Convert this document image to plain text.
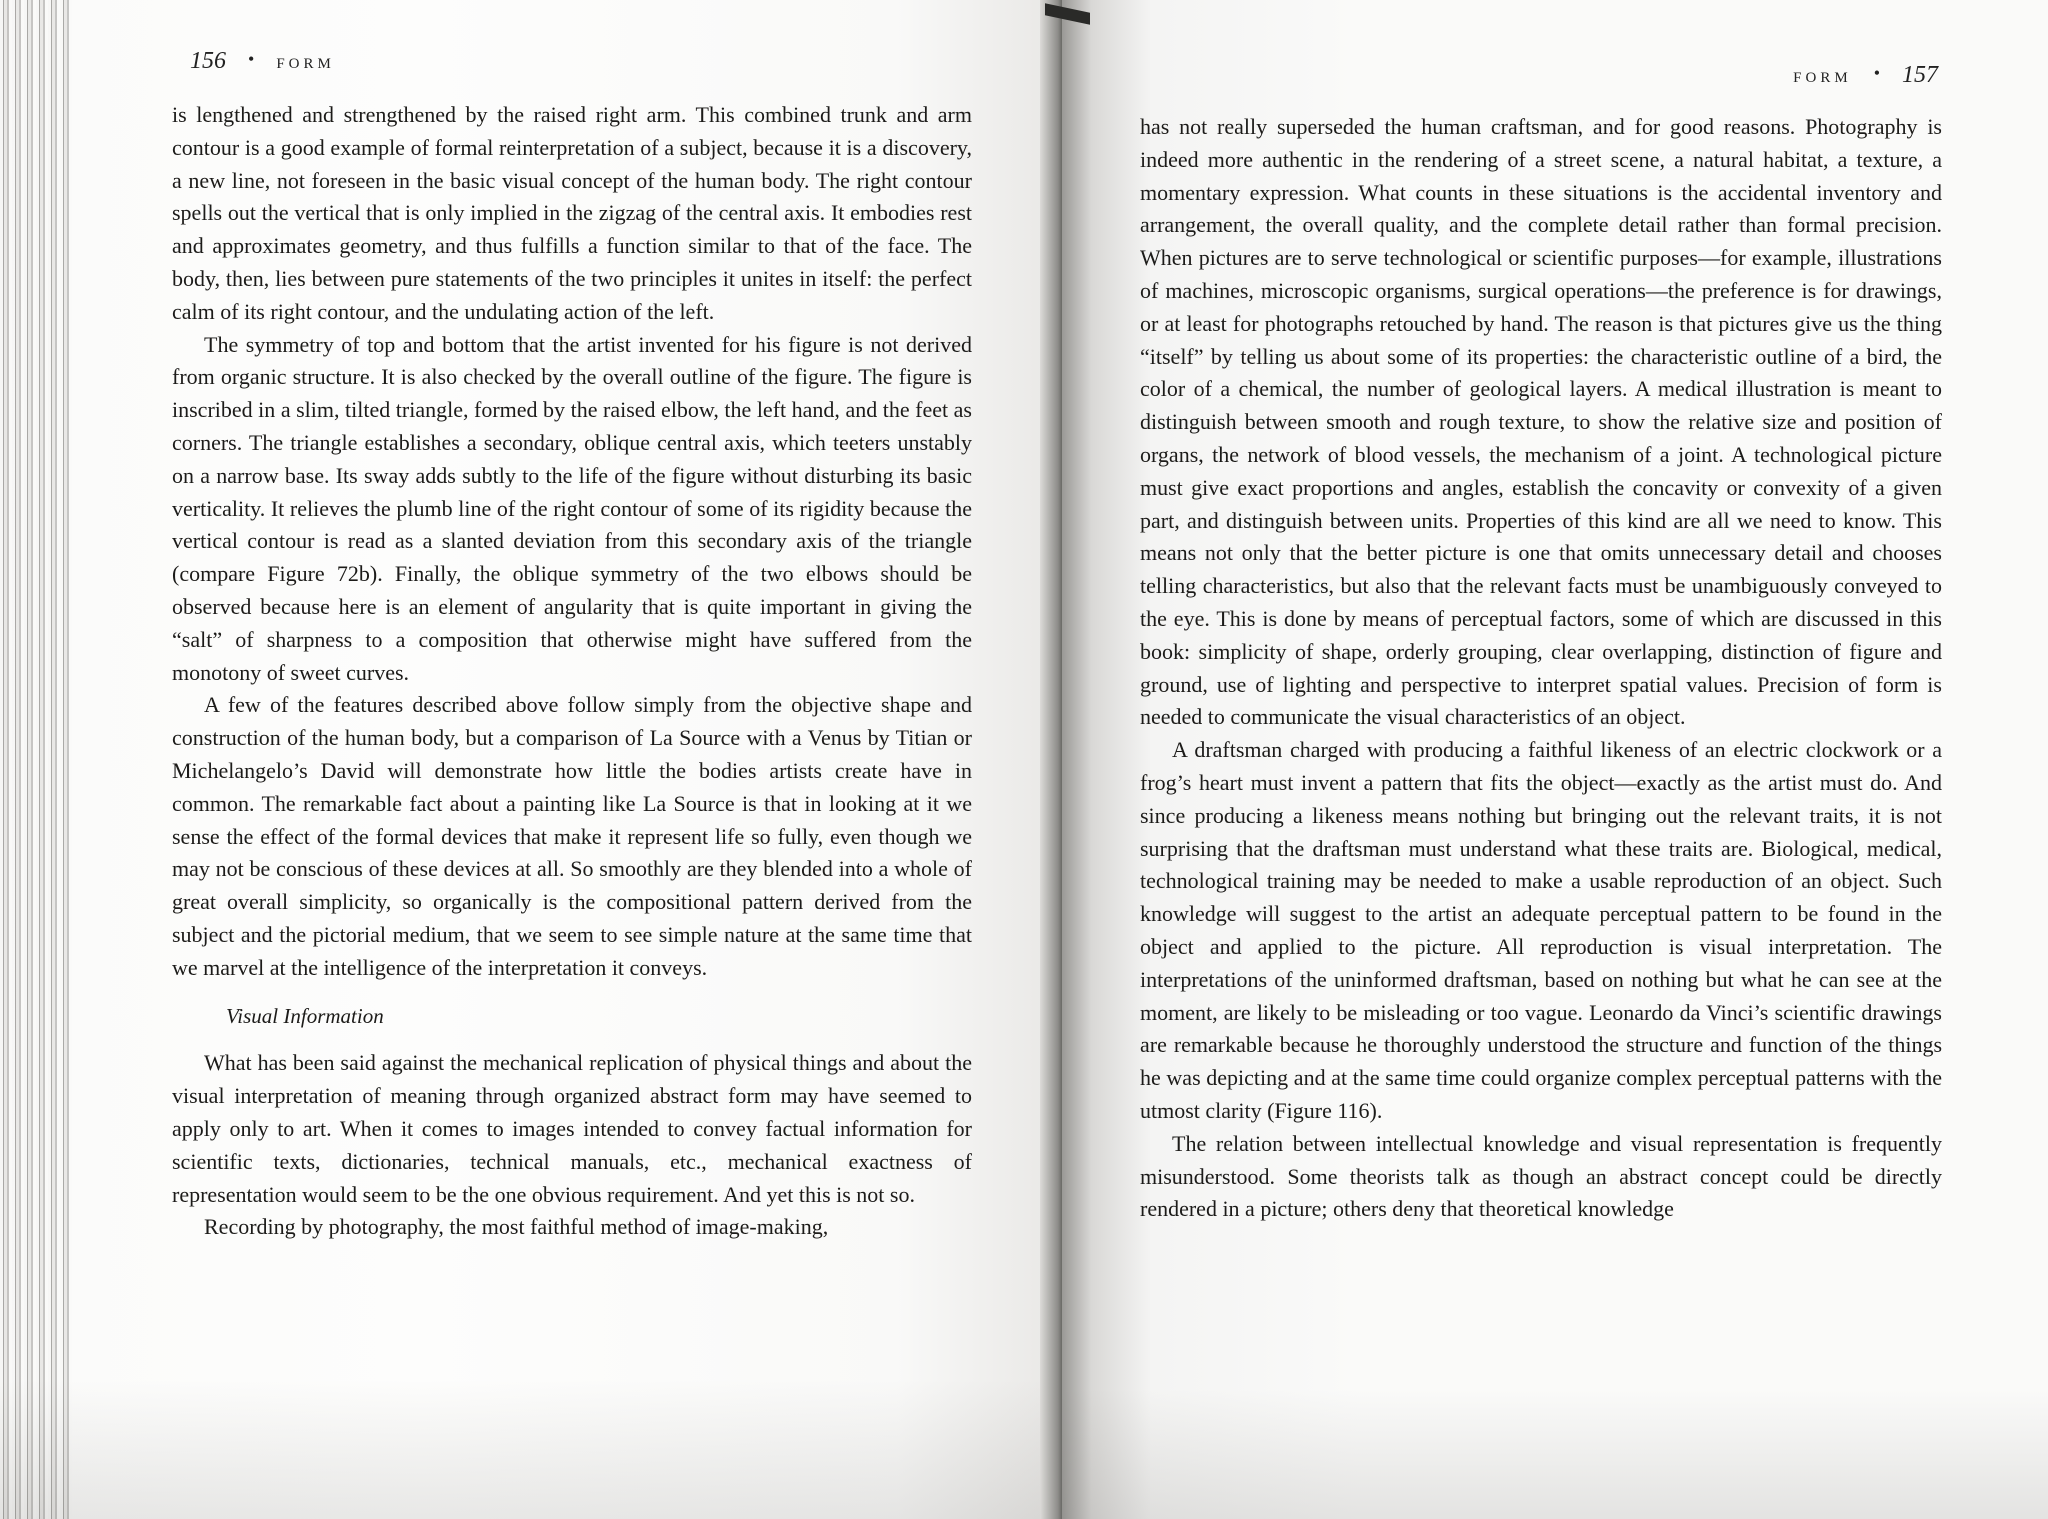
156 • FORM

is lengthened and strengthened by the raised right arm. This combined trunk and arm contour is a good example of formal reinterpretation of a subject, because it is a discovery, a new line, not foreseen in the basic visual concept of the human body. The right contour spells out the vertical that is only implied in the zigzag of the central axis. It embodies rest and approximates geometry, and thus fulfills a function similar to that of the face. The body, then, lies between pure statements of the two principles it unites in itself: the perfect calm of its right contour, and the undulating action of the left.

The symmetry of top and bottom that the artist invented for his figure is not derived from organic structure. It is also checked by the overall outline of the figure. The figure is inscribed in a slim, tilted triangle, formed by the raised elbow, the left hand, and the feet as corners. The triangle establishes a secondary, oblique central axis, which teeters unstably on a narrow base. Its sway adds subtly to the life of the figure without disturbing its basic verticality. It relieves the plumb line of the right contour of some of its rigidity because the vertical contour is read as a slanted deviation from this secondary axis of the triangle (compare Figure 72b). Finally, the oblique symmetry of the two elbows should be observed because here is an element of angularity that is quite important in giving the “salt” of sharpness to a composition that otherwise might have suffered from the monotony of sweet curves.

A few of the features described above follow simply from the objective shape and construction of the human body, but a comparison of La Source with a Venus by Titian or Michelangelo’s David will demonstrate how little the bodies artists create have in common. The remarkable fact about a painting like La Source is that in looking at it we sense the effect of the formal devices that make it represent life so fully, even though we may not be conscious of these devices at all. So smoothly are they blended into a whole of great overall simplicity, so organically is the compositional pattern derived from the subject and the pictorial medium, that we seem to see simple nature at the same time that we marvel at the intelligence of the interpretation it conveys.

Visual Information

What has been said against the mechanical replication of physical things and about the visual interpretation of meaning through organized abstract form may have seemed to apply only to art. When it comes to images intended to convey factual information for scientific texts, dictionaries, technical manuals, etc., mechanical exactness of representation would seem to be the one obvious requirement. And yet this is not so.

Recording by photography, the most faithful method of image-making,

FORM • 157

has not really superseded the human craftsman, and for good reasons. Photography is indeed more authentic in the rendering of a street scene, a natural habitat, a texture, a momentary expression. What counts in these situations is the accidental inventory and arrangement, the overall quality, and the complete detail rather than formal precision. When pictures are to serve technological or scientific purposes—for example, illustrations of machines, microscopic organisms, surgical operations—the preference is for drawings, or at least for photographs retouched by hand. The reason is that pictures give us the thing “itself” by telling us about some of its properties: the characteristic outline of a bird, the color of a chemical, the number of geological layers. A medical illustration is meant to distinguish between smooth and rough texture, to show the relative size and position of organs, the network of blood vessels, the mechanism of a joint. A technological picture must give exact proportions and angles, establish the concavity or convexity of a given part, and distinguish between units. Properties of this kind are all we need to know. This means not only that the better picture is one that omits unnecessary detail and chooses telling characteristics, but also that the relevant facts must be unambiguously conveyed to the eye. This is done by means of perceptual factors, some of which are discussed in this book: simplicity of shape, orderly grouping, clear overlapping, distinction of figure and ground, use of lighting and perspective to interpret spatial values. Precision of form is needed to communicate the visual characteristics of an object.

A draftsman charged with producing a faithful likeness of an electric clockwork or a frog’s heart must invent a pattern that fits the object—exactly as the artist must do. And since producing a likeness means nothing but bringing out the relevant traits, it is not surprising that the draftsman must understand what these traits are. Biological, medical, technological training may be needed to make a usable reproduction of an object. Such knowledge will suggest to the artist an adequate perceptual pattern to be found in the object and applied to the picture. All reproduction is visual interpretation. The interpretations of the uninformed draftsman, based on nothing but what he can see at the moment, are likely to be misleading or too vague. Leonardo da Vinci’s scientific drawings are remarkable because he thoroughly understood the structure and function of the things he was depicting and at the same time could organize complex perceptual patterns with the utmost clarity (Figure 116).

The relation between intellectual knowledge and visual representation is frequently misunderstood. Some theorists talk as though an abstract concept could be directly rendered in a picture; others deny that theoretical knowledge
